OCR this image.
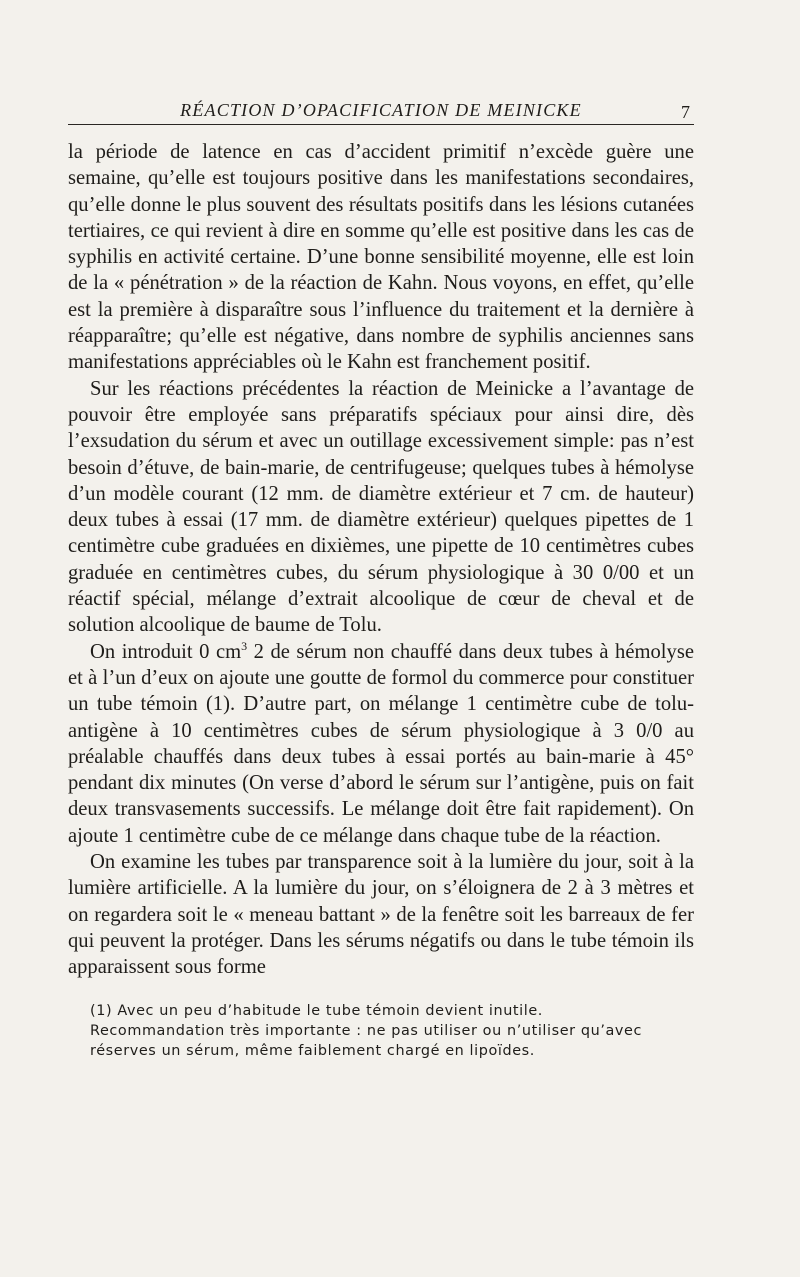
RÉACTION D’OPACIFICATION DE MEINICKE	7

la période de latence en cas d’accident primitif n’excède guère une semaine, qu’elle est toujours positive dans les manifestations secondaires, qu’elle donne le plus souvent des résultats positifs dans les lésions cutanées tertiaires, ce qui revient à dire en somme qu’elle est positive dans les cas de syphilis en activité certaine. D’une bonne sensibilité moyenne, elle est loin de la « pénétration » de la réaction de Kahn. Nous voyons, en effet, qu’elle est la première à disparaître sous l’influence du traitement et la dernière à réapparaître; qu’elle est négative, dans nombre de syphilis anciennes sans manifestations appréciables où le Kahn est franchement positif.

Sur les réactions précédentes la réaction de Meinicke a l’avantage de pouvoir être employée sans préparatifs spéciaux pour ainsi dire, dès l’exsudation du sérum et avec un outillage excessivement simple: pas n’est besoin d’étuve, de bain-marie, de centrifugeuse; quelques tubes à hémolyse d’un modèle courant (12 mm. de diamètre extérieur et 7 cm. de hauteur) deux tubes à essai (17 mm. de diamètre extérieur) quelques pipettes de 1 centimètre cube graduées en dixièmes, une pipette de 10 centimètres cubes graduée en centimètres cubes, du sérum physiologique à 30 0/00 et un réactif spécial, mélange d’extrait alcoolique de cœur de cheval et de solution alcoolique de baume de Tolu.

On introduit 0 $cm^3$ 2 de sérum non chauffé dans deux tubes à hémolyse et à l’un d’eux on ajoute une goutte de formol du commerce pour constituer un tube témoin (1). D’autre part, on mélange 1 centimètre cube de tolu-antigène à 10 centimètres cubes de sérum physiologique à 3 0/0 au préalable chauffés dans deux tubes à essai portés au bain-marie à 45° pendant dix minutes (On verse d’abord le sérum sur l’antigène, puis on fait deux transvasements successifs. Le mélange doit être fait rapidement). On ajoute 1 centimètre cube de ce mélange dans chaque tube de la réaction.

On examine les tubes par transparence soit à la lumière du jour, soit à la lumière artificielle. A la lumière du jour, on s’éloignera de 2 à 3 mètres et on regardera soit le « meneau battant » de la fenêtre soit les barreaux de fer qui peuvent la protéger. Dans les sérums négatifs ou dans le tube témoin ils apparaissent sous forme

(1) Avec un peu d’habitude le tube témoin devient inutile.

Recommandation très importante : ne pas utiliser ou n’utiliser qu’avec réserves un sérum, même faiblement chargé en lipoïdes.
